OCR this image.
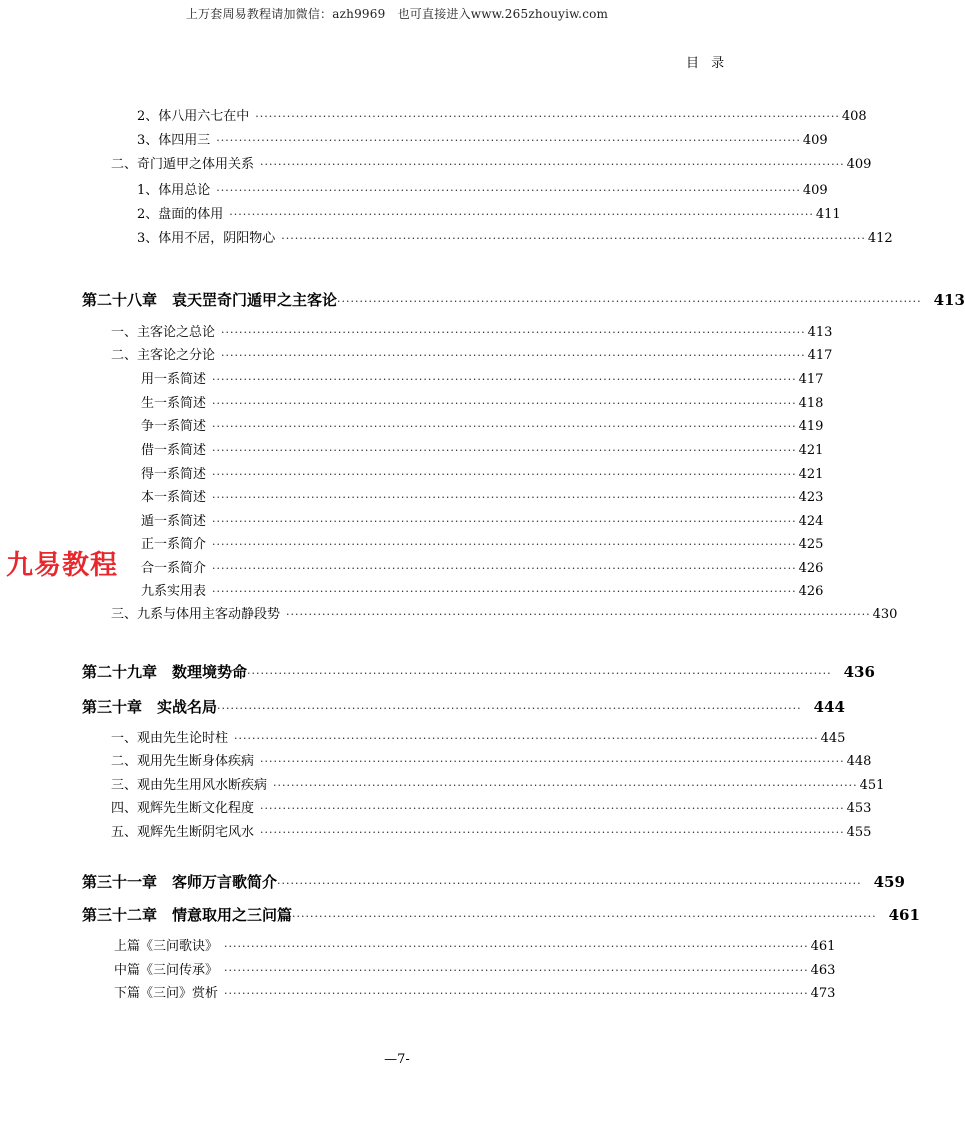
上万套周易教程请加微信：azh9969　也可直接进入www.265zhouyiw.com
目 录
2、体八用六七在中 ·································································································································· 408
3、体四用三 ·································································································································· 409
二、奇门遁甲之体用关系 ·································································································································· 409
1、体用总论 ·································································································································· 409
2、盘面的体用 ·································································································································· 411
3、体用不居，阴阳物心 ·································································································································· 412
第二十八章　袁天罡奇门遁甲之主客论 ·································································································································· 413
一、主客论之总论 ·································································································································· 413
二、主客论之分论 ·································································································································· 417
用一系简述 ·································································································································· 417
生一系简述 ·································································································································· 418
争一系简述 ·································································································································· 419
借一系简述 ·································································································································· 421
得一系简述 ·································································································································· 421
本一系简述 ·································································································································· 423
遁一系简述 ·································································································································· 424
正一系简介 ·································································································································· 425
合一系简介 ·································································································································· 426
九系实用表 ·································································································································· 426
三、九系与体用主客动静段势 ·································································································································· 430
第二十九章　数理境势命 ·································································································································· 436
第三十章　实战名局 ·································································································································· 444
一、观由先生论时柱 ·································································································································· 445
二、观用先生断身体疾病 ·································································································································· 448
三、观由先生用风水断疾病 ·································································································································· 451
四、观辉先生断文化程度 ·································································································································· 453
五、观辉先生断阴宅风水 ·································································································································· 455
第三十一章　客师万言歌简介 ·································································································································· 459
第三十二章　情意取用之三问篇 ·································································································································· 461
上篇《三问歌诀》 ·································································································································· 461
中篇《三问传承》 ·································································································································· 463
下篇《三问》赏析 ·································································································································· 473
九易教程
—7-
